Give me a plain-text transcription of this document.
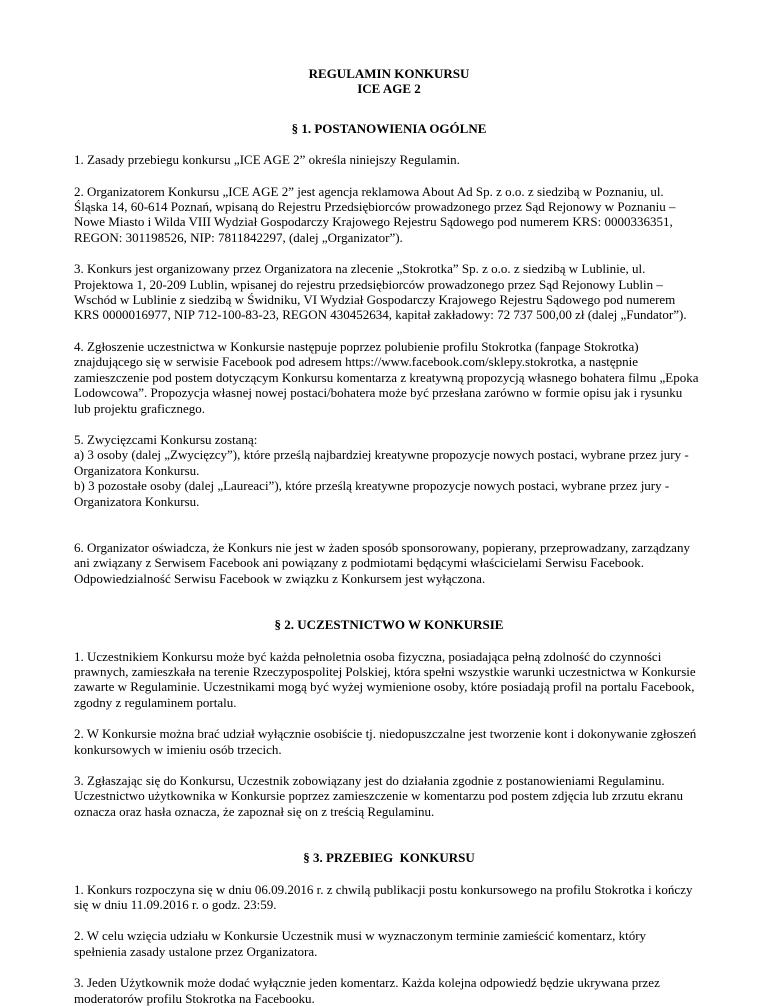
REGULAMIN KONKURSU
ICE AGE 2
§ 1. POSTANOWIENIA OGÓLNE
1. Zasady przebiegu konkursu „ICE AGE 2” określa niniejszy Regulamin.
2. Organizatorem Konkursu „ICE AGE 2” jest agencja reklamowa About Ad Sp. z o.o. z siedzibą w Poznaniu, ul.
Śląska 14, 60-614 Poznań, wpisaną do Rejestru Przedsiębiorców prowadzonego przez Sąd Rejonowy w Poznaniu –
Nowe Miasto i Wilda VIII Wydział Gospodarczy Krajowego Rejestru Sądowego pod numerem KRS: 0000336351,
REGON: 301198526, NIP: 7811842297, (dalej „Organizator”).
3. Konkurs jest organizowany przez Organizatora na zlecenie „Stokrotka” Sp. z o.o. z siedzibą w Lublinie, ul.
Projektowa 1, 20-209 Lublin, wpisanej do rejestru przedsiębiorców prowadzonego przez Sąd Rejonowy Lublin –
Wschód w Lublinie z siedzibą w Świdniku, VI Wydział Gospodarczy Krajowego Rejestru Sądowego pod numerem
KRS 0000016977, NIP 712-100-83-23, REGON 430452634, kapitał zakładowy: 72 737 500,00 zł (dalej „Fundator”).
4. Zgłoszenie uczestnictwa w Konkursie następuje poprzez polubienie profilu Stokrotka (fanpage Stokrotka)
znajdującego się w serwisie Facebook pod adresem https://www.facebook.com/sklepy.stokrotka, a następnie
zamieszczenie pod postem dotyczącym Konkursu komentarza z kreatywną propozycją własnego bohatera filmu „Epoka
Lodowcowa”. Propozycja własnej nowej postaci/bohatera może być przesłana zarówno w formie opisu jak i rysunku
lub projektu graficznego.
5. Zwycięzcami Konkursu zostaną:
a) 3 osoby (dalej „Zwycięzcy”), które prześlą najbardziej kreatywne propozycje nowych postaci, wybrane przez jury -
Organizatora Konkursu.
b) 3 pozostałe osoby (dalej „Laureaci”), które prześlą kreatywne propozycje nowych postaci, wybrane przez jury -
Organizatora Konkursu.
6. Organizator oświadcza, że Konkurs nie jest w żaden sposób sponsorowany, popierany, przeprowadzany, zarządzany
ani związany z Serwisem Facebook ani powiązany z podmiotami będącymi właścicielami Serwisu Facebook.
Odpowiedzialność Serwisu Facebook w związku z Konkursem jest wyłączona.
§ 2. UCZESTNICTWO W KONKURSIE
1. Uczestnikiem Konkursu może być każda pełnoletnia osoba fizyczna, posiadająca pełną zdolność do czynności
prawnych, zamieszkała na terenie Rzeczypospolitej Polskiej, która spełni wszystkie warunki uczestnictwa w Konkursie
zawarte w Regulaminie. Uczestnikami mogą być wyżej wymienione osoby, które posiadają profil na portalu Facebook,
zgodny z regulaminem portalu.
2. W Konkursie można brać udział wyłącznie osobiście tj. niedopuszczalne jest tworzenie kont i dokonywanie zgłoszeń
konkursowych w imieniu osób trzecich.
3. Zgłaszając się do Konkursu, Uczestnik zobowiązany jest do działania zgodnie z postanowieniami Regulaminu.
Uczestnictwo użytkownika w Konkursie poprzez zamieszczenie w komentarzu pod postem zdjęcia lub zrzutu ekranu
oznacza oraz hasła oznacza, że zapoznał się on z treścią Regulaminu.
§ 3. PRZEBIEG  KONKURSU
1. Konkurs rozpoczyna się w dniu 06.09.2016 r. z chwilą publikacji postu konkursowego na profilu Stokrotka i kończy
się w dniu 11.09.2016 r. o godz. 23:59.
2. W celu wzięcia udziału w Konkursie Uczestnik musi w wyznaczonym terminie zamieścić komentarz, który
spełnienia zasady ustalone przez Organizatora.
3. Jeden Użytkownik może dodać wyłącznie jeden komentarz. Każda kolejna odpowiedź będzie ukrywana przez
moderatorów profilu Stokrotka na Facebooku.
